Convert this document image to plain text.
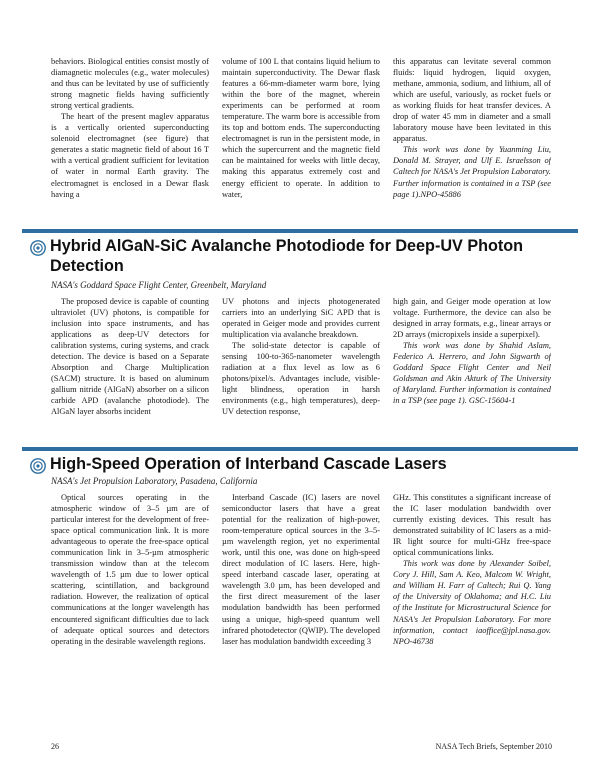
behaviors. Biological entities consist mostly of diamagnetic molecules (e.g., water molecules) and thus can be levitated by use of sufficiently strong magnetic fields having sufficiently strong vertical gradients.

The heart of the present maglev apparatus is a vertically oriented superconducting solenoid electromagnet (see figure) that generates a static magnetic field of about 16 T with a vertical gradient sufficient for levitation of water in normal Earth gravity. The electromagnet is enclosed in a Dewar flask having a

volume of 100 L that contains liquid helium to maintain superconductivity. The Dewar flask features a 66-mm-diameter warm bore, lying within the bore of the magnet, wherein experiments can be performed at room temperature. The warm bore is accessible from its top and bottom ends. The superconducting electromagnet is run in the persistent mode, in which the supercurrent and the magnetic field can be maintained for weeks with little decay, making this apparatus extremely cost and energy efficient to operate. In addition to water,

this apparatus can levitate several common fluids: liquid hydrogen, liquid oxygen, methane, ammonia, sodium, and lithium, all of which are useful, variously, as rocket fuels or as working fluids for heat transfer devices. A drop of water 45 mm in diameter and a small laboratory mouse have been levitated in this apparatus.

This work was done by Yuanming Liu, Donald M. Strayer, and Ulf E. Israelsson of Caltech for NASA's Jet Propulsion Laboratory. Further information is contained in a TSP (see page 1).NPO-45886

Hybrid AlGaN-SiC Avalanche Photodiode for Deep-UV Photon Detection
NASA's Goddard Space Flight Center, Greenbelt, Maryland

The proposed device is capable of counting ultraviolet (UV) photons, is compatible for inclusion into space instruments, and has applications as deep-UV detectors for calibration systems, curing systems, and crack detection. The device is based on a Separate Absorption and Charge Multiplication (SACM) structure. It is based on aluminum gallium nitride (AlGaN) absorber on a silicon carbide APD (avalanche photodiode). The AlGaN layer absorbs incident

UV photons and injects photogenerated carriers into an underlying SiC APD that is operated in Geiger mode and provides current multiplication via avalanche breakdown.

The solid-state detector is capable of sensing 100-to-365-nanometer wavelength radiation at a flux level as low as 6 photons/pixel/s. Advantages include, visible-light blindness, operation in harsh environments (e.g., high temperatures), deep-UV detection response,

high gain, and Geiger mode operation at low voltage. Furthermore, the device can also be designed in array formats, e.g., linear arrays or 2D arrays (micropixels inside a superpixel).

This work was done by Shahid Aslam, Federico A. Herrero, and John Sigwarth of Goddard Space Flight Center and Neil Goldsman and Akin Akturk of The University of Maryland. Further information is contained in a TSP (see page 1). GSC-15604-1

High-Speed Operation of Interband Cascade Lasers
NASA's Jet Propulsion Laboratory, Pasadena, California

Optical sources operating in the atmospheric window of 3–5 µm are of particular interest for the development of free-space optical communication link. It is more advantageous to operate the free-space optical communication link in 3–5-µm atmospheric transmission window than at the telecom wavelength of 1.5 µm due to lower optical scattering, scintillation, and background radiation. However, the realization of optical communications at the longer wavelength has encountered significant difficulties due to lack of adequate optical sources and detectors operating in the desirable wavelength regions.

Interband Cascade (IC) lasers are novel semiconductor lasers that have a great potential for the realization of high-power, room-temperature optical sources in the 3–5-µm wavelength region, yet no experimental work, until this one, was done on high-speed direct modulation of IC lasers. Here, high-speed interband cascade laser, operating at wavelength 3.0 µm, has been developed and the first direct measurement of the laser modulation bandwidth has been performed using a unique, high-speed quantum well infrared photodetector (QWIP). The developed laser has modulation bandwidth exceeding 3

GHz. This constitutes a significant increase of the IC laser modulation bandwidth over currently existing devices. This result has demonstrated suitability of IC lasers as a mid-IR light source for multi-GHz free-space optical communications links.

This work was done by Alexander Soibel, Cory J. Hill, Sam A. Keo, Malcom W. Wright, and William H. Farr of Caltech; Rui Q. Yang of the University of Oklahoma; and H.C. Liu of the Institute for Microstructural Science for NASA's Jet Propulsion Laboratory. For more information, contact iaoffice@jpl.nasa.gov. NPO-46738

26	NASA Tech Briefs, September 2010
